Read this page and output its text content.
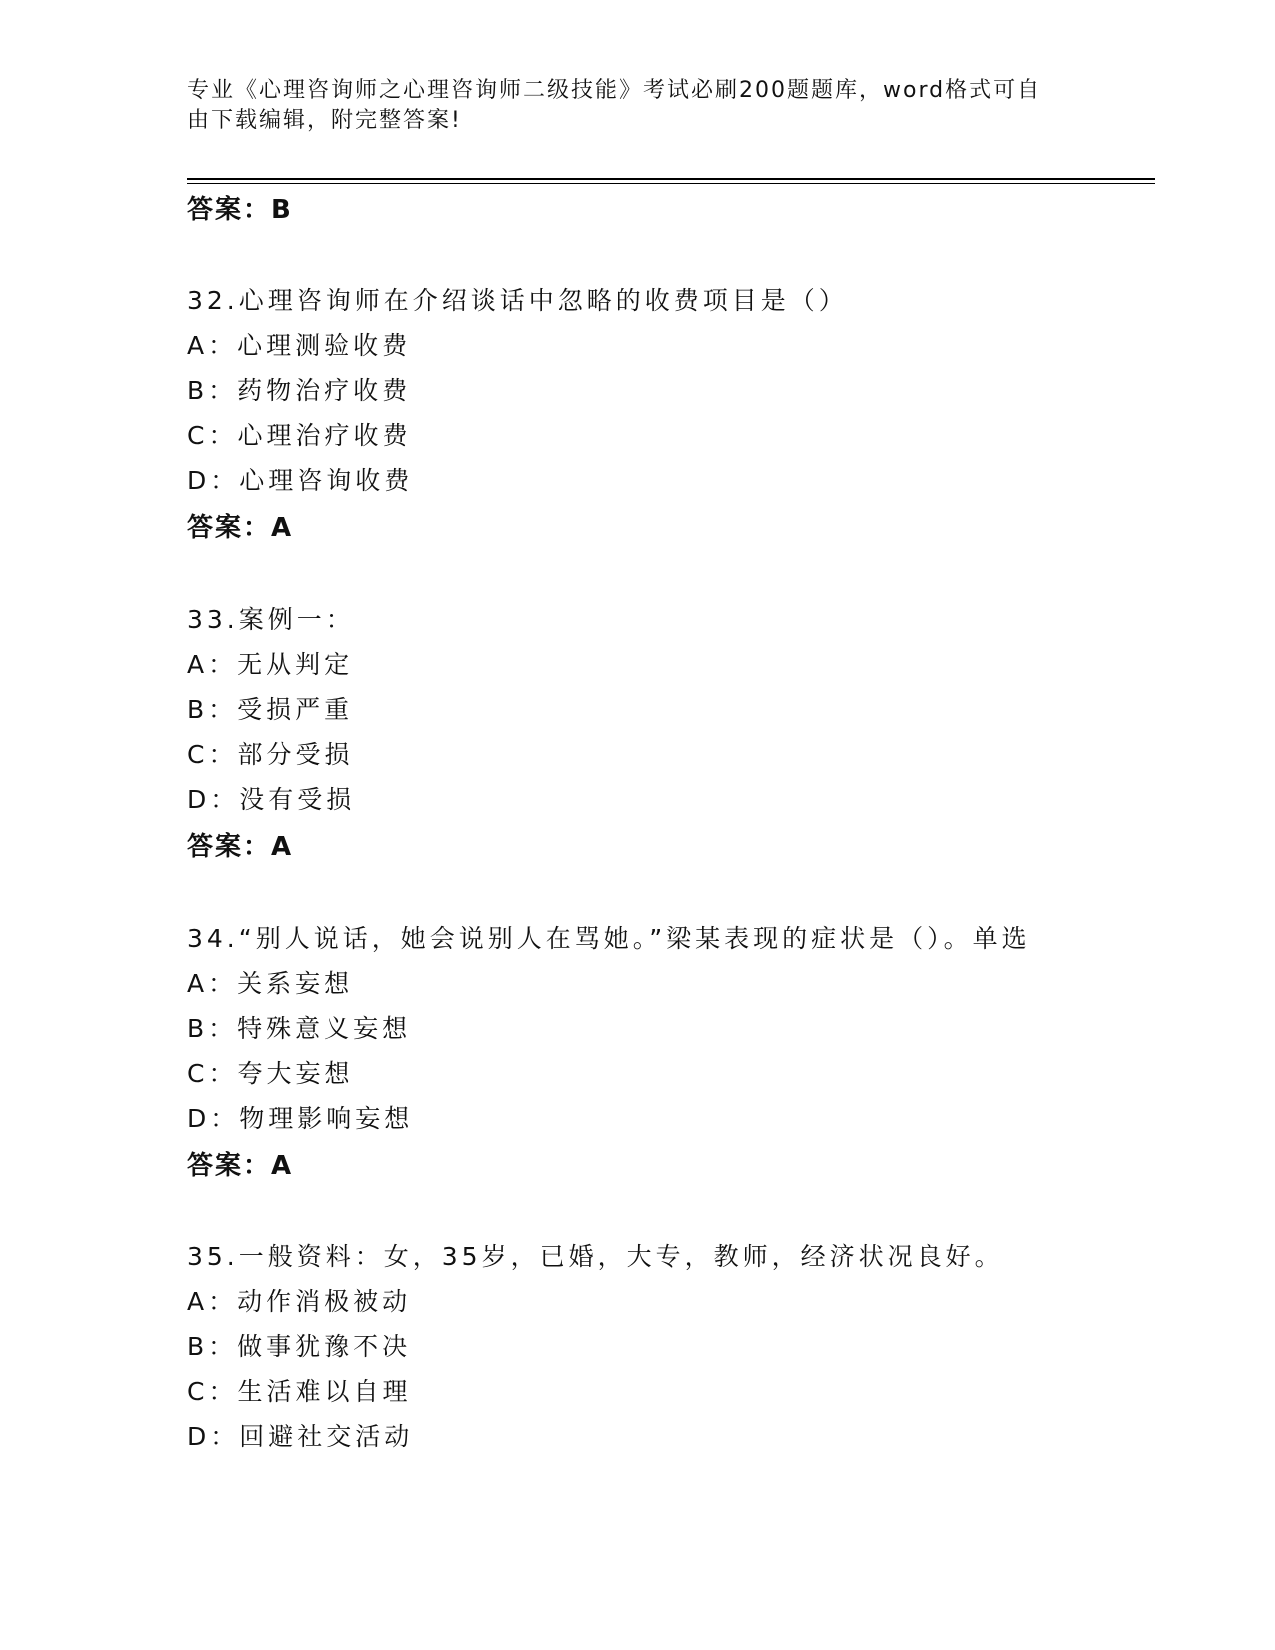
专业《心理咨询师之心理咨询师二级技能》考试必刷200题题库，word格式可自
由下载编辑，附完整答案!
答案：B
32.心理咨询师在介绍谈话中忽略的收费项目是（）
A：心理测验收费
B：药物治疗收费
C：心理治疗收费
D：心理咨询收费
答案：A
33.案例一：
A：无从判定
B：受损严重
C：部分受损
D：没有受损
答案：A
34.“别人说话，她会说别人在骂她。”梁某表现的症状是（）。单选
A：关系妄想
B：特殊意义妄想
C：夸大妄想
D：物理影响妄想
答案：A
35.一般资料：女，35岁，已婚，大专，教师，经济状况良好。
A：动作消极被动
B：做事犹豫不决
C：生活难以自理
D：回避社交活动
